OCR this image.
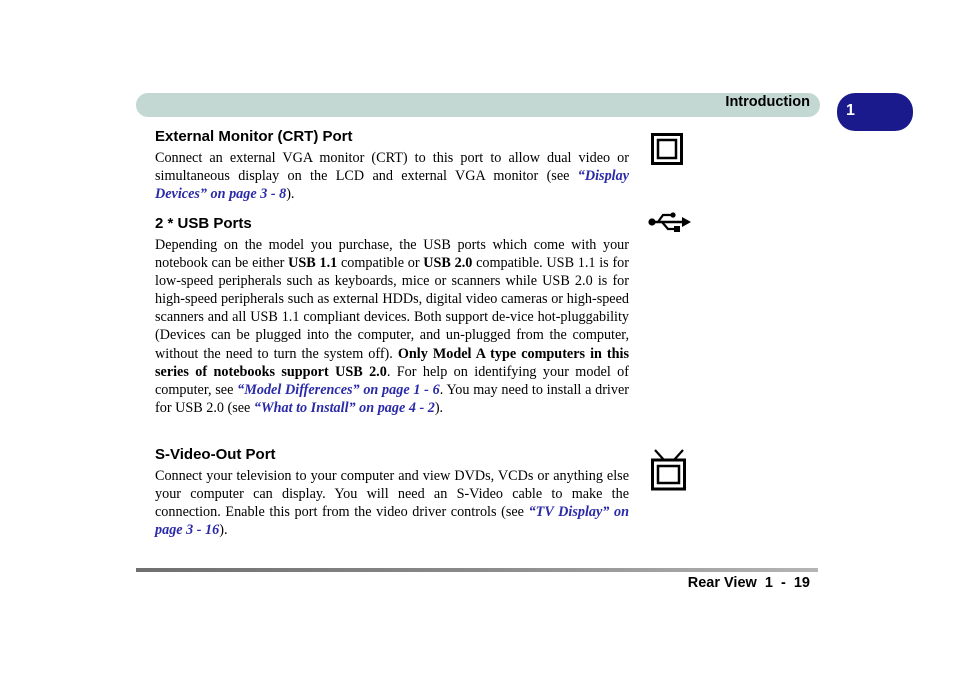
Introduction 1
External Monitor (CRT) Port

Connect an external VGA monitor (CRT) to this port to allow dual video or simultaneous display on the LCD and external VGA monitor (see “Display Devices” on page 3 - 8).

2 * USB Ports

Depending on the model you purchase, the USB ports which come with your notebook can be either USB 1.1 compatible or USB 2.0 compatible. USB 1.1 is for low-speed peripherals such as keyboards, mice or scanners while USB 2.0 is for high-speed peripherals such as external HDDs, digital video cameras or high-speed scanners and all USB 1.1 compliant devices. Both support de-vice hot-pluggability (Devices can be plugged into the computer, and un-plugged from the computer, without the need to turn the system off). Only Model A type computers in this series of notebooks support USB 2.0. For help on identifying your model of computer, see “Model Differences” on page 1 - 6. You may need to install a driver for USB 2.0 (see “What to Install” on page 4 - 2).

S-Video-Out Port

Connect your television to your computer and view DVDs, VCDs or anything else your computer can display. You will need an S-Video cable to make the connection. Enable this port from the video driver controls (see “TV Display” on page 3 - 16).

Rear View  1  -  19
